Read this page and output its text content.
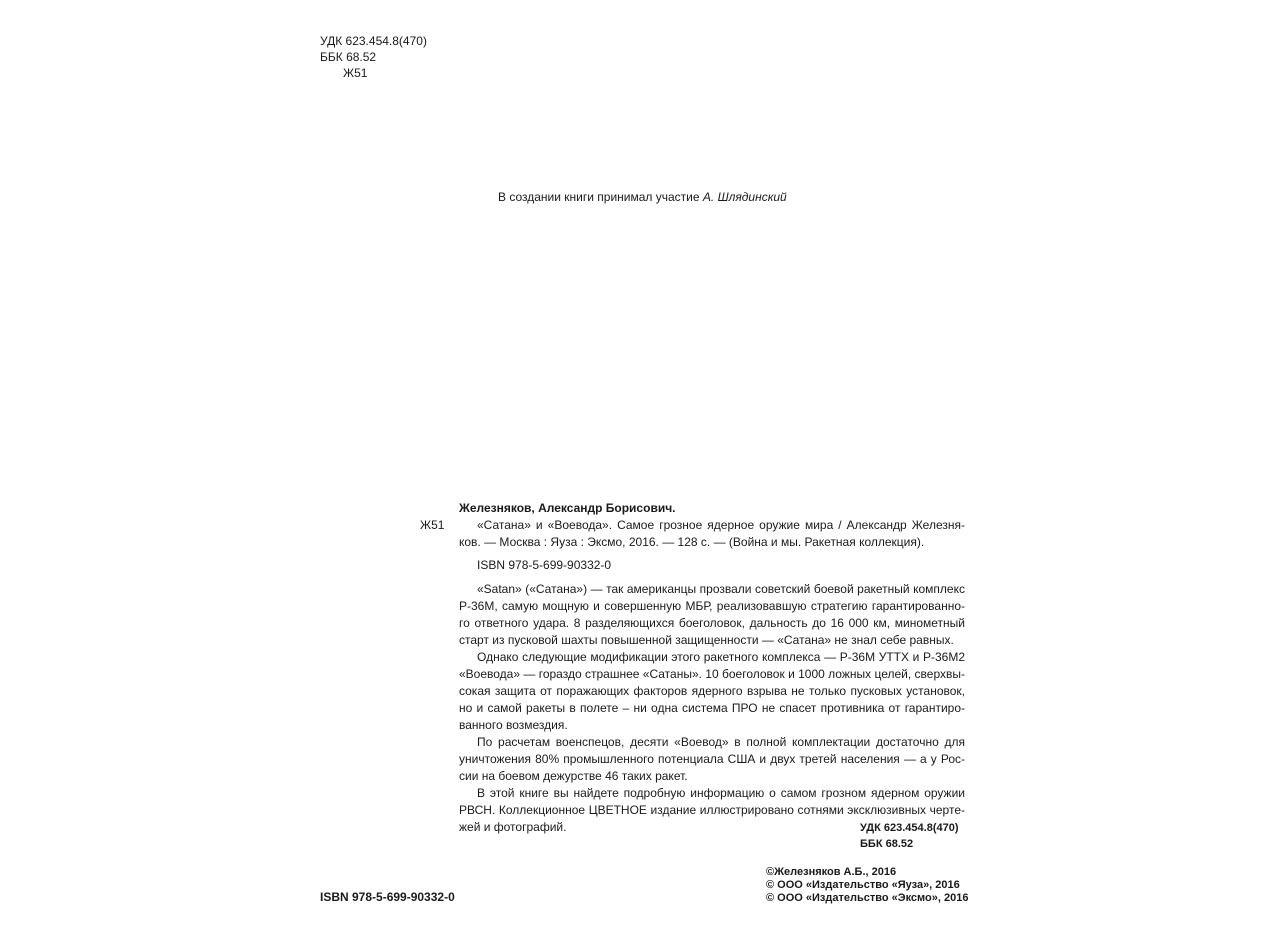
УДК 623.454.8(470)
ББК 68.52
Ж51
В создании книги принимал участие А. Шлядинский
Ж51
Железняков, Александр Борисович.
«Сатана» и «Воевода». Самое грозное ядерное оружие мира / Александр Железня-
ков. — Москва : Яуза : Эксмо, 2016. — 128 с. — (Война и мы. Ракетная коллекция).
ISBN 978-5-699-90332-0
«Satan» («Сатана») — так американцы прозвали советский боевой ракетный комплекс
Р-36М, самую мощную и совершенную МБР, реализовавшую стратегию гарантированно-
го ответного удара. 8 разделяющихся боеголовок, дальность до 16 000 км, минометный
старт из пусковой шахты повышенной защищенности — «Сатана» не знал себе равных.
Однако следующие модификации этого ракетного комплекса — Р-36М УТТХ и Р-36М2
«Воевода» — гораздо страшнее «Сатаны». 10 боеголовок и 1000 ложных целей, сверхвы-
сокая защита от поражающих факторов ядерного взрыва не только пусковых установок,
но и самой ракеты в полете – ни одна система ПРО не спасет противника от гарантиро-
ванного возмездия.
По расчетам военспецов, десяти «Воевод» в полной комплектации достаточно для
уничтожения 80% промышленного потенциала США и двух третей населения — а у Рос-
сии на боевом дежурстве 46 таких ракет.
В этой книге вы найдете подробную информацию о самом грозном ядерном оружии
РВСН. Коллекционное ЦВЕТНОЕ издание иллюстрировано сотнями эксклюзивных черте-
жей и фотографий.	УДК 623.454.8(470)
ББК 68.52
©Железняков А.Б., 2016
© ООО «Издательство «Яуза», 2016
© ООО «Издательство «Эксмо», 2016
ISBN 978-5-699-90332-0
